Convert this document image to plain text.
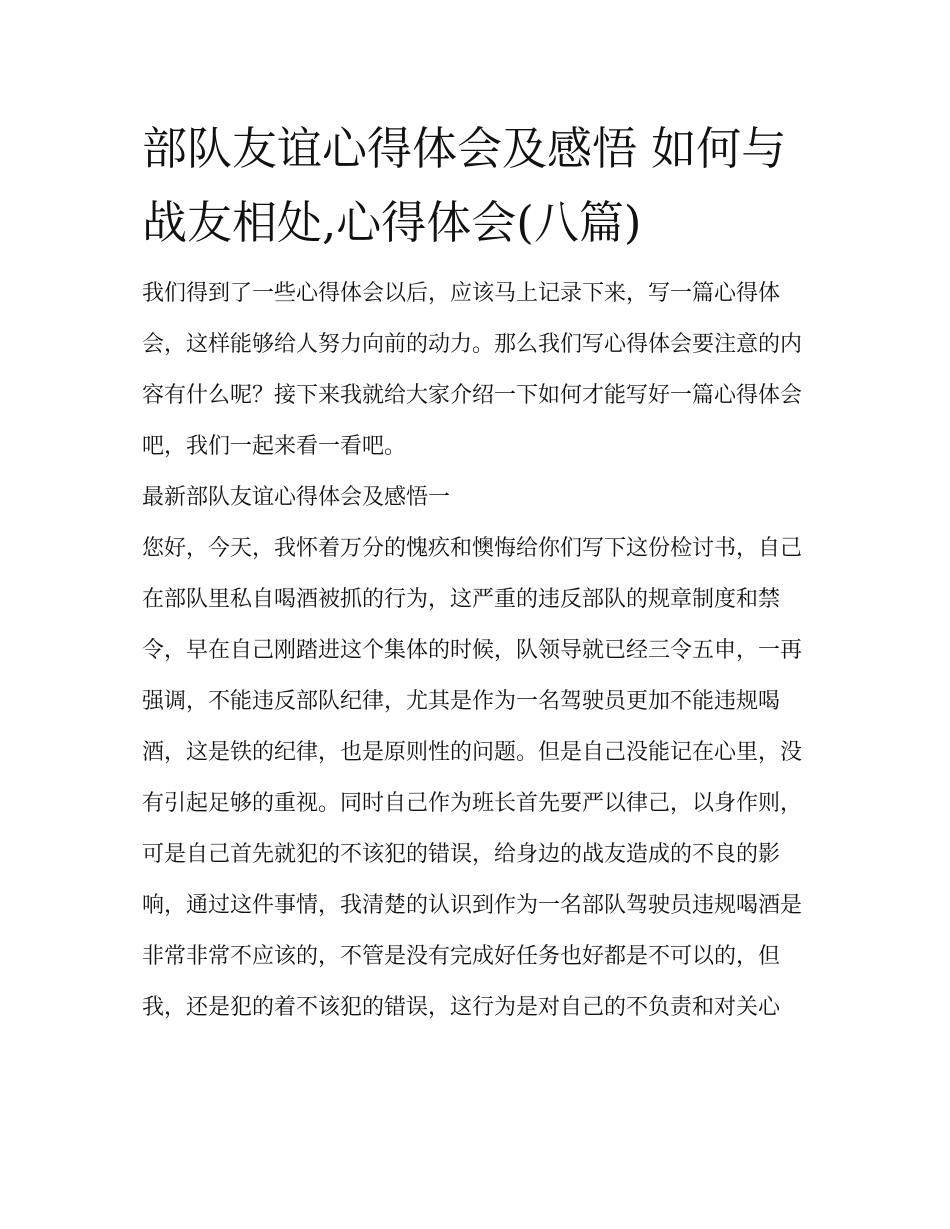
部队友谊心得体会及感悟 如何与战友相处,心得体会(八篇)

我们得到了一些心得体会以后，应该马上记录下来，写一篇心得体会，这样能够给人努力向前的动力。那么我们写心得体会要注意的内容有什么呢？接下来我就给大家介绍一下如何才能写好一篇心得体会吧，我们一起来看一看吧。

最新部队友谊心得体会及感悟一

您好，今天，我怀着万分的愧疚和懊悔给你们写下这份检讨书，自己在部队里私自喝酒被抓的行为，这严重的违反部队的规章制度和禁令，早在自己刚踏进这个集体的时候，队领导就已经三令五申，一再强调，不能违反部队纪律，尤其是作为一名驾驶员更加不能违规喝酒，这是铁的纪律，也是原则性的问题。但是自己没能记在心里，没有引起足够的重视。同时自己作为班长首先要严以律己，以身作则，可是自己首先就犯的不该犯的错误，给身边的战友造成的不良的影响，通过这件事情，我清楚的认识到作为一名部队驾驶员违规喝酒是非常非常不应该的，不管是没有完成好任务也好都是不可以的，但我，还是犯的着不该犯的错误，这行为是对自己的不负责和对关心
